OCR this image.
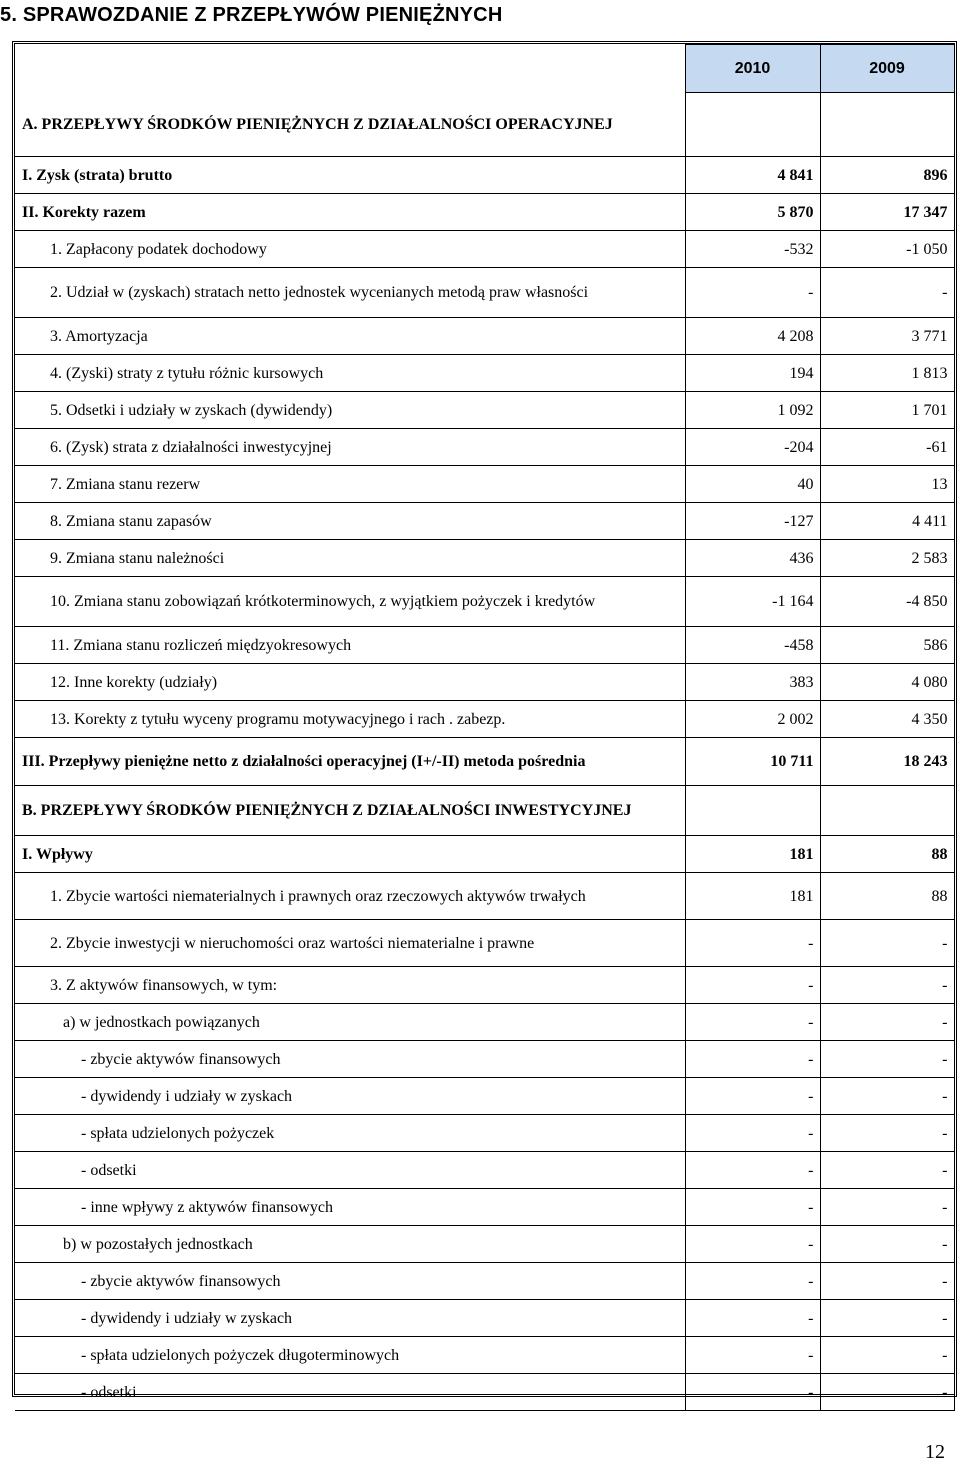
5. SPRAWOZDANIE Z PRZEPŁYWÓW PIENIĘŻNYCH
	2010	2009
A. PRZEPŁYWY ŚRODKÓW PIENIĘŻNYCH Z DZIAŁALNOŚCI OPERACYJNEJ		
I. Zysk (strata) brutto	4 841	896
II. Korekty razem	5 870	17 347
1. Zapłacony podatek dochodowy	-532	-1 050
2. Udział w (zyskach) stratach netto jednostek wycenianych metodą praw własności	-	-
3. Amortyzacja	4 208	3 771
4. (Zyski) straty z tytułu różnic kursowych	194	1 813
5. Odsetki i udziały w zyskach (dywidendy)	1 092	1 701
6. (Zysk) strata z działalności inwestycyjnej	-204	-61
7. Zmiana stanu rezerw	40	13
8. Zmiana stanu zapasów	-127	4 411
9. Zmiana stanu należności	436	2 583
10. Zmiana stanu zobowiązań krótkoterminowych, z wyjątkiem pożyczek i kredytów	-1 164	-4 850
11. Zmiana stanu rozliczeń międzyokresowych	-458	586
12. Inne korekty (udziały)	383	4 080
13. Korekty z tytułu wyceny programu motywacyjnego i rach . zabezp.	2 002	4 350
III. Przepływy pieniężne netto z działalności operacyjnej (I+/-II) metoda pośrednia	10 711	18 243
B. PRZEPŁYWY ŚRODKÓW PIENIĘŻNYCH Z DZIAŁALNOŚCI INWESTYCYJNEJ		
I. Wpływy	181	88
1. Zbycie wartości niematerialnych i prawnych oraz rzeczowych aktywów trwałych	181	88
2. Zbycie inwestycji w nieruchomości oraz wartości niematerialne i prawne	-	-
3. Z aktywów finansowych, w tym:	-	-
a) w jednostkach powiązanych	-	-
- zbycie aktywów finansowych	-	-
- dywidendy i udziały w zyskach	-	-
- spłata udzielonych pożyczek	-	-
- odsetki	-	-
- inne wpływy z aktywów finansowych	-	-
b) w pozostałych jednostkach	-	-
- zbycie aktywów finansowych	-	-
- dywidendy i udziały w zyskach	-	-
- spłata udzielonych pożyczek długoterminowych	-	-
- odsetki	-	-
12
